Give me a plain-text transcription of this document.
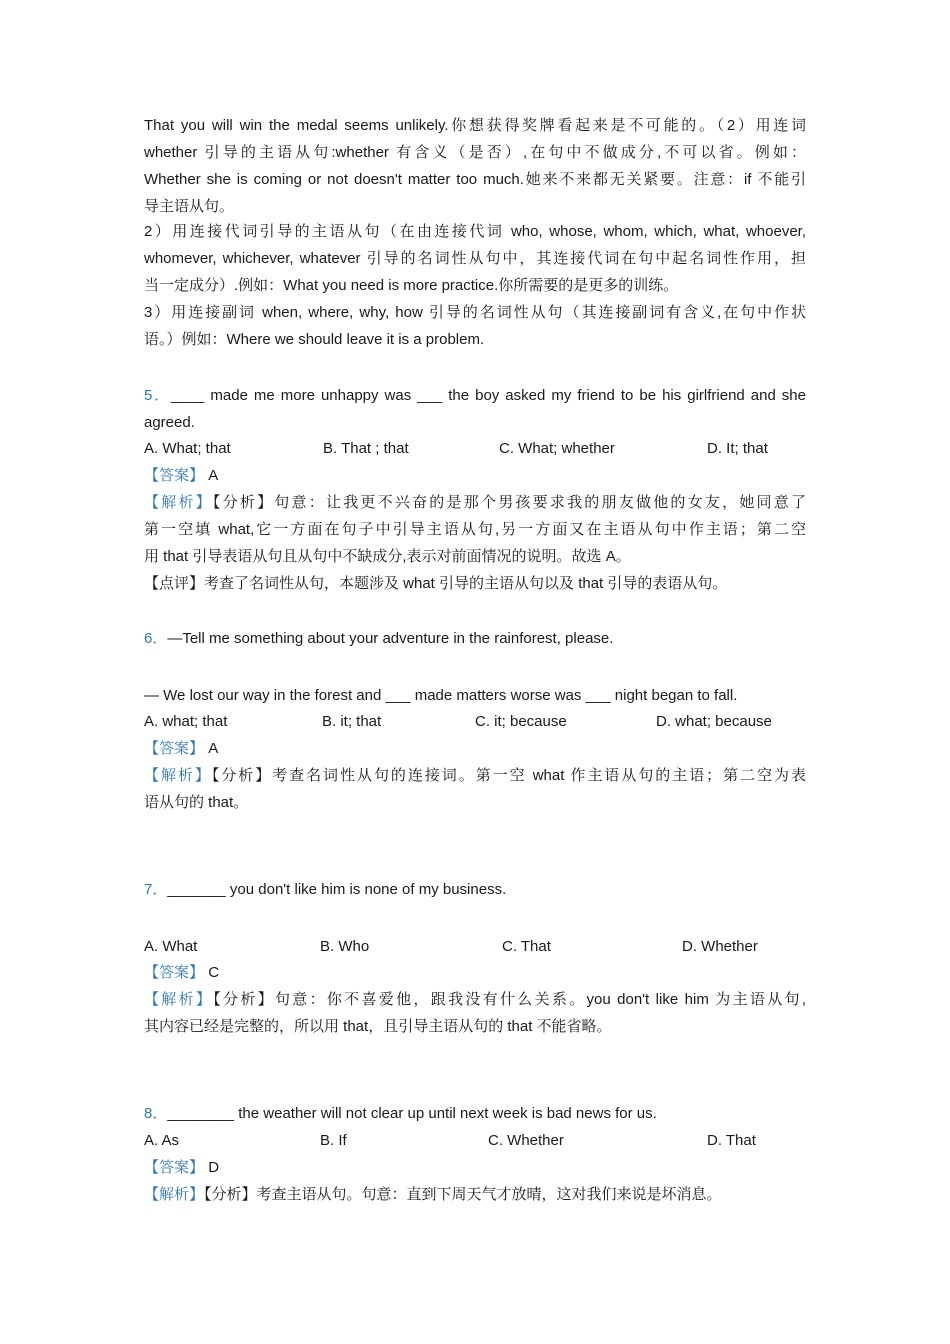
That you will win the medal seems unlikely.你想获得奖牌看起来是不可能的。（2）用连词
whether 引导的主语从句:whether 有含义（是否）,在句中不做成分,不可以省。例如：
Whether she is coming or not doesn't matter too much.她来不来都无关紧要。注意：if 不能引
导主语从句。
2）用连接代词引导的主语从句（在由连接代词 who, whose, whom, which, what, whoever,
whomever, whichever, whatever 引导的名词性从句中，其连接代词在句中起名词性作用，担
当一定成分）.例如：What you need is more practice.你所需要的是更多的训练。
3）用连接副词 when, where, why, how 引导的名词性从句（其连接副词有含义,在句中作状
语。）例如：Where we should leave it is a problem.
5．____ made me more unhappy was ___ the boy asked my friend to be his girlfriend and she
agreed.
A. What; that	B. That ; that	C. What; whether	D. It; that
【答案】 A
【解析】【分析】句意：让我更不兴奋的是那个男孩要求我的朋友做他的女友，她同意了
第一空填 what,它一方面在句子中引导主语从句,另一方面又在主语从句中作主语；第二空
用 that 引导表语从句且从句中不缺成分,表示对前面情况的说明。故选 A。
【点评】考查了名词性从句，本题涉及 what 引导的主语从句以及 that 引导的表语从句。
6．—Tell me something about your adventure in the rainforest, please.
— We lost our way in the forest and ___ made matters worse was ___ night began to fall.
A. what; that	B. it; that	C. it; because	D. what; because
【答案】 A
【解析】【分析】考查名词性从句的连接词。第一空 what 作主语从句的主语；第二空为表
语从句的 that。
7．_______ you don't like him is none of my business.
A. What	B. Who	C. That	D. Whether
【答案】 C
【解析】【分析】句意：你不喜爱他，跟我没有什么关系。you don't like him 为主语从句,
其内容已经是完整的，所以用 that，且引导主语从句的 that 不能省略。
8．________ the weather will not clear up until next week is bad news for us.
A. As	B. If	C. Whether	D. That
【答案】 D
【解析】【分析】考查主语从句。句意：直到下周天气才放晴，这对我们来说是坏消息。
